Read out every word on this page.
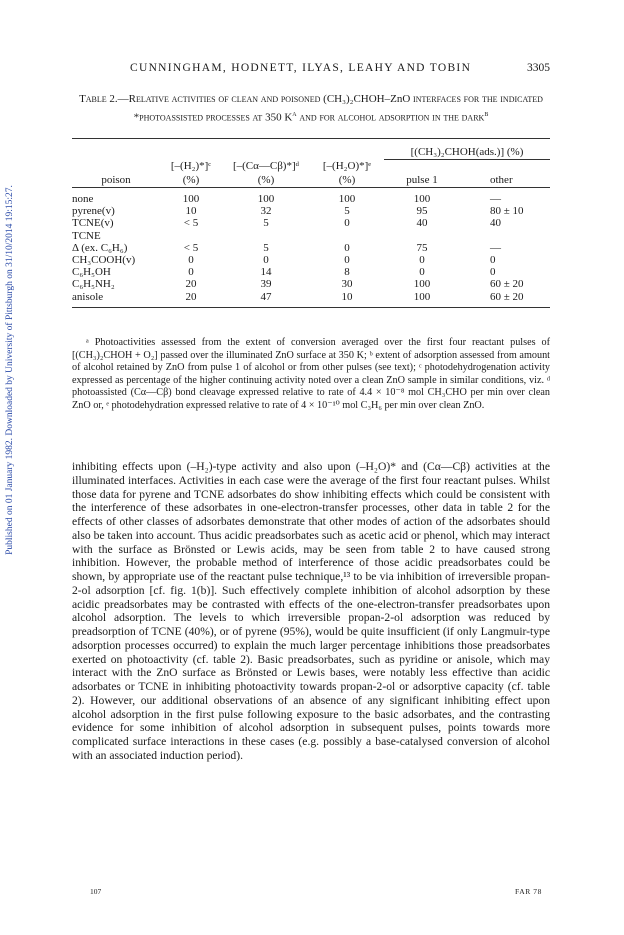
Published on 01 January 1982. Downloaded by University of Pittsburgh on 31/10/2014 19:15:27.
CUNNINGHAM, HODNETT, ILYAS, LEAHY AND TOBIN	3305
Table 2.—Relative activities of clean and poisoned (CH₃)₂CHOH–ZnO interfaces for the indicated *photoassisted processes at 350 $K^a$ and for alcohol adsorption in the dark$^b$
				[(CH₃)₂CHOH(ads.)] (%)	
	[–(H₂)*]ᶜ	[–(Cα—Cβ)*]ᵈ	[–(H₂O)*]ᵉ		
poison	(%)	(%)	(%)	pulse 1	other

none	100	100	100	100	—
pyrene(v)	10	32	5	95	80 ± 10
TCNE(v)	< 5	5	0	40	40
TCNE					
Δ (ex. C₆H₆)	< 5	5	0	75	—
CH₃COOH(v)	0	0	0	0	0
C₆H₅OH	0	14	8	0	0
C₆H₅NH₂	20	39	30	100	60 ± 20
anisole	20	47	10	100	60 ± 20

ᵃ Photoactivities assessed from the extent of conversion averaged over the first four reactant pulses of [(CH₃)₂CHOH + O₂] passed over the illuminated ZnO surface at 350 K; ᵇ extent of adsorption assessed from amount of alcohol retained by ZnO from pulse 1 of alcohol or from other pulses (see text); ᶜ photodehydrogenation activity expressed as percentage of the higher continuing activity noted over a clean ZnO sample in similar conditions, viz. ᵈ photoassisted (Cα—Cβ) bond cleavage expressed relative to rate of 4.4 × 10⁻⁸ mol CH₃CHO per min over clean ZnO or, ᵉ photodehydration expressed relative to rate of 4 × 10⁻¹⁰ mol C₃H₆ per min over clean ZnO.
inhibiting effects upon (–H₂)-type activity and also upon (–H₂O)* and (Cα—Cβ) activities at the illuminated interfaces. Activities in each case were the average of the first four reactant pulses. Whilst those data for pyrene and TCNE adsorbates do show inhibiting effects which could be consistent with the interference of these adsorbates in one-electron-transfer processes, other data in table 2 for the effects of other classes of adsorbates demonstrate that other modes of action of the adsorbates should also be taken into account. Thus acidic preadsorbates such as acetic acid or phenol, which may interact with the surface as Brönsted or Lewis acids, may be seen from table 2 to have caused strong inhibition. However, the probable method of interference of those acidic preadsorbates could be shown, by appropriate use of the reactant pulse technique,¹³ to be via inhibition of irreversible propan-2-ol adsorption [cf. fig. 1(b)]. Such effectively complete inhibition of alcohol adsorption by these acidic preadsorbates may be contrasted with effects of the one-electron-transfer preadsorbates upon alcohol adsorption. The levels to which irreversible propan-2-ol adsorption was reduced by preadsorption of TCNE (40%), or of pyrene (95%), would be quite insufficient (if only Langmuir-type adsorption processes occurred) to explain the much larger percentage inhibitions those preadsorbates exerted on photoactivity (cf. table 2). Basic preadsorbates, such as pyridine or anisole, which may interact with the ZnO surface as Brönsted or Lewis bases, were notably less effective than acidic adsorbates or TCNE in inhibiting photoactivity towards propan-2-ol or adsorptive capacity (cf. table 2). However, our additional observations of an absence of any significant inhibiting effect upon alcohol adsorption in the first pulse following exposure to the basic adsorbates, and the contrasting evidence for some inhibition of alcohol adsorption in subsequent pulses, points towards more complicated surface interactions in these cases (e.g. possibly a base-catalysed conversion of alcohol with an associated induction period).
107	FAR 78
